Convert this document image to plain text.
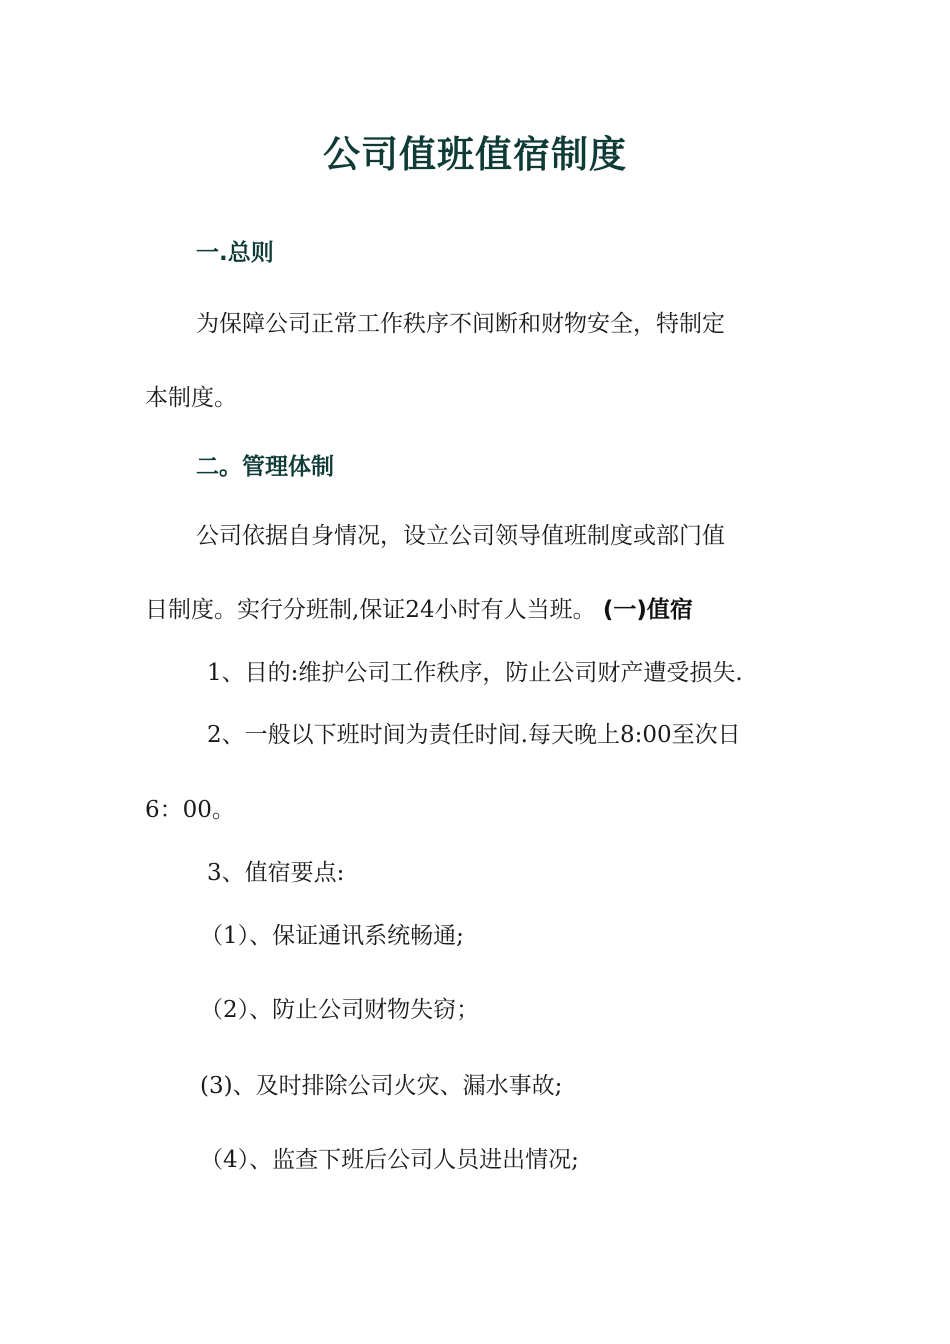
公司值班值宿制度
一.总则
为保障公司正常工作秩序不间断和财物安全，特制定
本制度。
二。管理体制
公司依据自身情况，设立公司领导值班制度或部门值
日制度。实行分班制,保证24小时有人当班。 (一)值宿
1、目的:维护公司工作秩序，防止公司财产遭受损失.
2、一般以下班时间为责任时间.每天晚上8:00至次日
6：00。
3、值宿要点:
（1）、保证通讯系统畅通;
（2）、防止公司财物失窃；
(3)、及时排除公司火灾、漏水事故;
（4）、监查下班后公司人员进出情况;
